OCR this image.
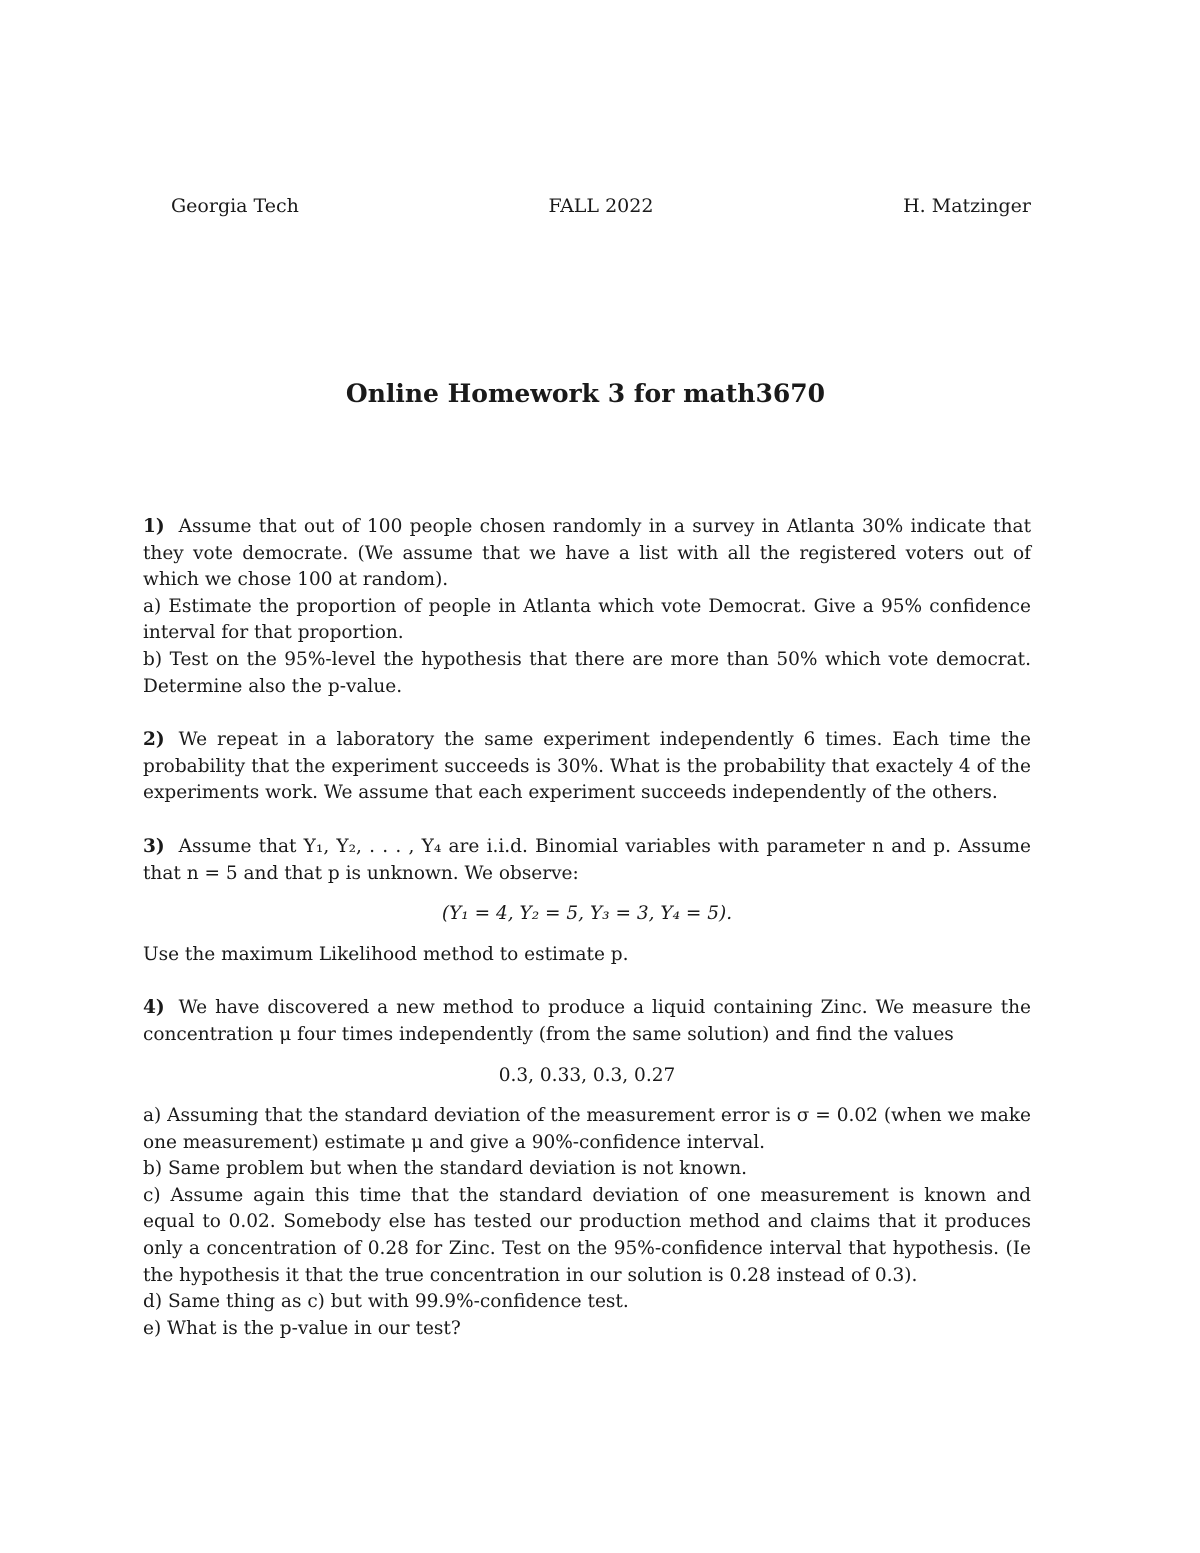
Georgia Tech	FALL 2022	H. Matzinger
Online Homework 3 for math3670

1) Assume that out of 100 people chosen randomly in a survey in Atlanta 30% indicate that they vote democrate. (We assume that we have a list with all the registered voters out of which we chose 100 at random).

a) Estimate the proportion of people in Atlanta which vote Democrat. Give a 95% confidence interval for that proportion.

b) Test on the 95%-level the hypothesis that there are more than 50% which vote democrat. Determine also the p-value.

2) We repeat in a laboratory the same experiment independently 6 times. Each time the probability that the experiment succeeds is 30%. What is the probability that exactely 4 of the experiments work. We assume that each experiment succeeds independently of the others.

3) Assume that Y₁, Y₂, . . . , Y₄ are i.i.d. Binomial variables with parameter n and p. Assume that n = 5 and that p is unknown. We observe:

(Y₁ = 4, Y₂ = 5, Y₃ = 3, Y₄ = 5).

Use the maximum Likelihood method to estimate p.

4) We have discovered a new method to produce a liquid containing Zinc. We measure the concentration μ four times independently (from the same solution) and find the values

0.3, 0.33, 0.3, 0.27

a) Assuming that the standard deviation of the measurement error is σ = 0.02 (when we make one measurement) estimate μ and give a 90%-confidence interval.

b) Same problem but when the standard deviation is not known.

c) Assume again this time that the standard deviation of one measurement is known and equal to 0.02. Somebody else has tested our production method and claims that it produces only a concentration of 0.28 for Zinc. Test on the 95%-confidence interval that hypothesis. (Ie the hypothesis it that the true concentration in our solution is 0.28 instead of 0.3).

d) Same thing as c) but with 99.9%-confidence test.

e) What is the p-value in our test?
